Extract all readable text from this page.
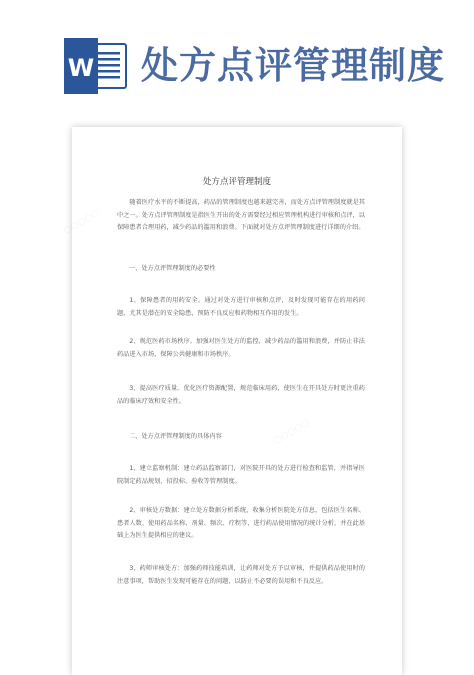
W 处方点评管理制度
○○○○○
○○○○○
处方点评管理制度

随着医疗水平的不断提高，药品的管理制度也越来越完善，而处方点评管理制度就是其中之一。处方点评管理制度是指医生开出的处方需要经过相应管理机构进行审核和点评，以保障患者合理用药，减少药品的滥用和浪费。下面就对处方点评管理制度进行详细的介绍。

一、处方点评管理制度的必要性

1、保障患者的用药安全。通过对处方进行审核和点评，及时发现可能存在的用药问题，尤其是潜在的安全隐患，预防不良反应和药物相互作用的发生。

2、规范医药市场秩序。加强对医生处方的监控，减少药品的滥用和浪费，并防止非法药品进入市场，保障公共健康和市场秩序。

3、提高医疗质量。优化医疗资源配置，规范临床用药，使医生在开具处方时更注重药品的临床疗效和安全性。

二、处方点评管理制度的具体内容

1、建立监察机制：建立药品监察部门，对医院开具的处方进行检查和监管，并指导医院制定药品规划、招投标、验收等管理制度。

2、审核处方数据：建立处方数据分析系统，收集分析医院处方信息，包括医生名称、患者人数、使用药品名称、剂量、频次、疗程等，进行药品使用情况的统计分析，并在此基础上为医生提供相应的建议。

3、药师审核处方：加强药师技能培训，让药师对处方予以审核，并提供药品使用时的注意事项，帮助医生发现可能存在的问题，以防止不必要的误用和不良反应。
